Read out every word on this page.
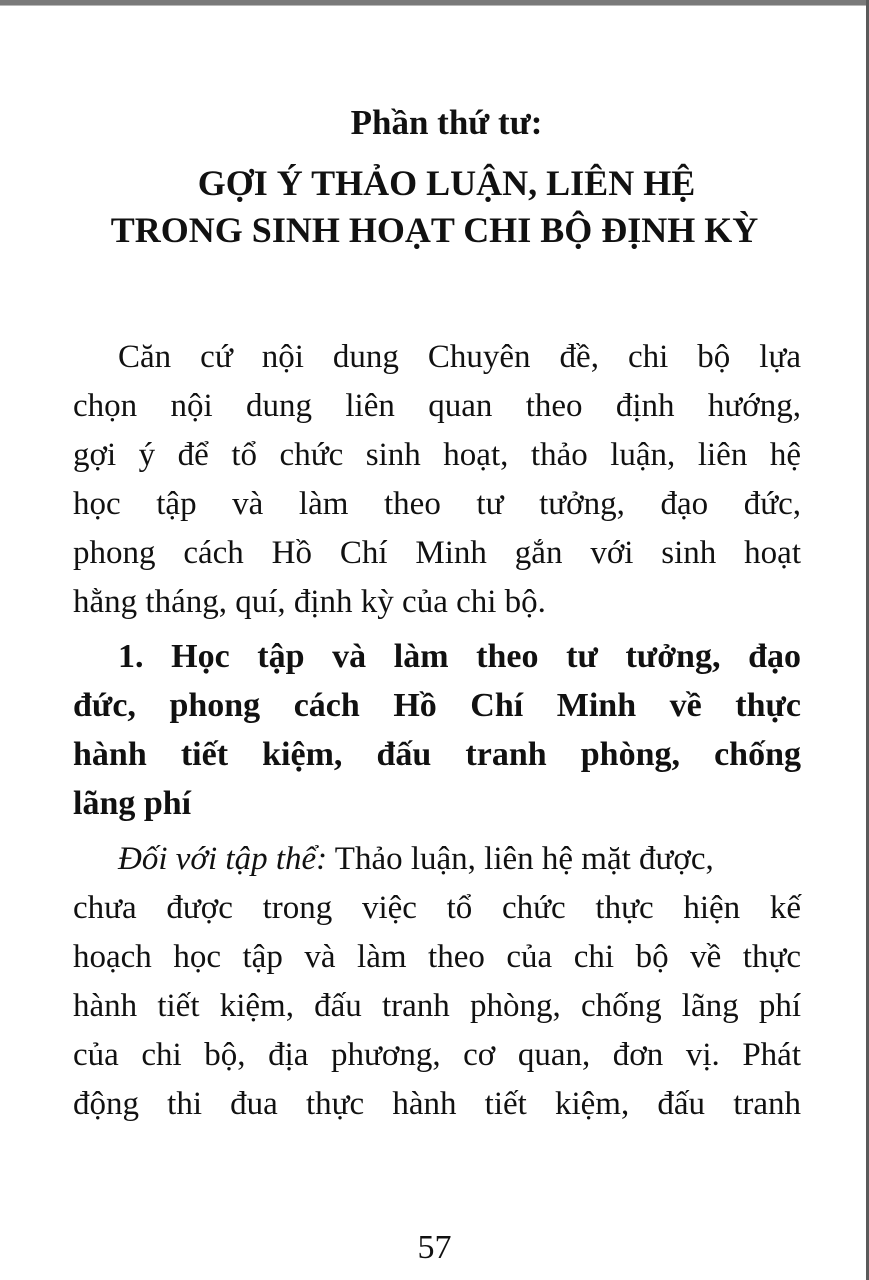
Phần thứ tư:
GỢI Ý THẢO LUẬN, LIÊN HỆ
TRONG SINH HOẠT CHI BỘ ĐỊNH KỲ

Căn cứ nội dung Chuyên đề, chi bộ lựa
chọn nội dung liên quan theo định hướng,
gợi ý để tổ chức sinh hoạt, thảo luận, liên hệ
học tập và làm theo tư tưởng, đạo đức,
phong cách Hồ Chí Minh gắn với sinh hoạt
hằng tháng, quí, định kỳ của chi bộ.

1. Học tập và làm theo tư tưởng, đạo
đức, phong cách Hồ Chí Minh về thực
hành tiết kiệm, đấu tranh phòng, chống
lãng phí

Đối với tập thể: Thảo luận, liên hệ mặt được,
chưa được trong việc tổ chức thực hiện kế
hoạch học tập và làm theo của chi bộ về thực
hành tiết kiệm, đấu tranh phòng, chống lãng phí
của chi bộ, địa phương, cơ quan, đơn vị. Phát
động thi đua thực hành tiết kiệm, đấu tranh

57
